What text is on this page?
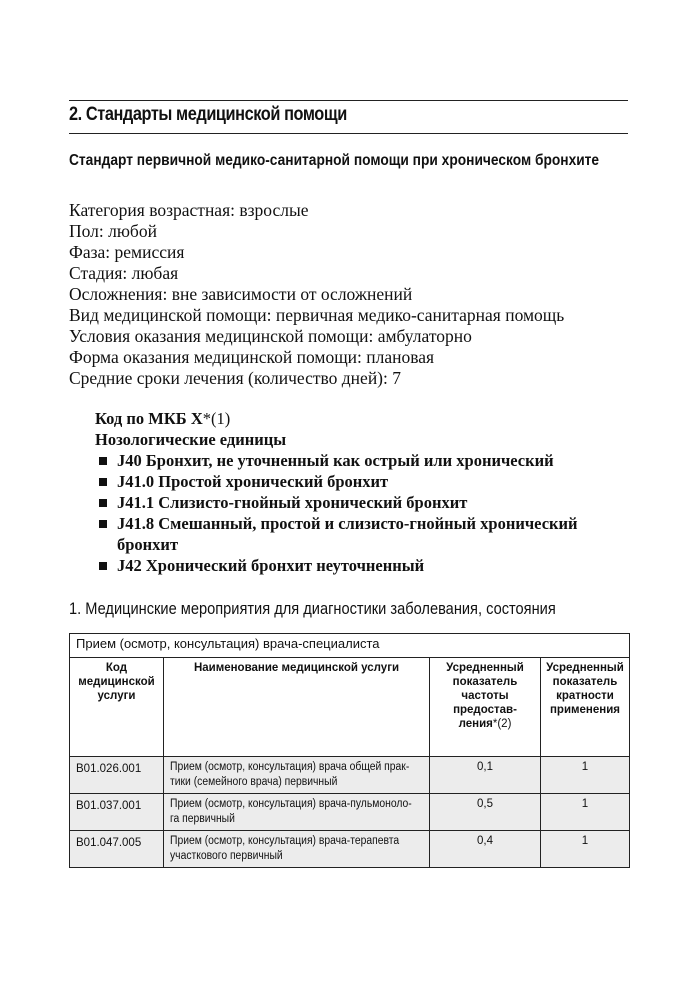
2. Стандарты медицинской помощи
Стандарт первичной медико-санитарной помощи при хроническом бронхите
Категория возрастная: взрослые
Пол: любой
Фаза: ремиссия
Стадия: любая
Осложнения: вне зависимости от осложнений
Вид медицинской помощи: первичная медико-санитарная помощь
Условия оказания медицинской помощи: амбулаторно
Форма оказания медицинской помощи: плановая
Средние сроки лечения (количество дней): 7
Код по МКБ X*(1)
Нозологические единицы
J40 Бронхит, не уточненный как острый или хронический
J41.0 Простой хронический бронхит
J41.1 Слизисто-гнойный хронический бронхит
J41.8 Смешанный, простой и слизисто-гнойный хронический бронхит
J42 Хронический бронхит неуточненный
1. Медицинские мероприятия для диагностики заболевания, состояния
Прием (осмотр, консультация) врача-специалиста			
Код медицинской услуги	Наименование медицинской услуги	Усредненный показатель частоты предостав- ления*(2)	Усредненный показатель кратности применения
B01.026.001	Прием (осмотр, консультация) врача общей прак- тики (семейного врача) первичный	0,1	1
B01.037.001	Прием (осмотр, консультация) врача-пульмоноло- га первичный	0,5	1
B01.047.005	Прием (осмотр, консультация) врача-терапевта участкового первичный	0,4	1
